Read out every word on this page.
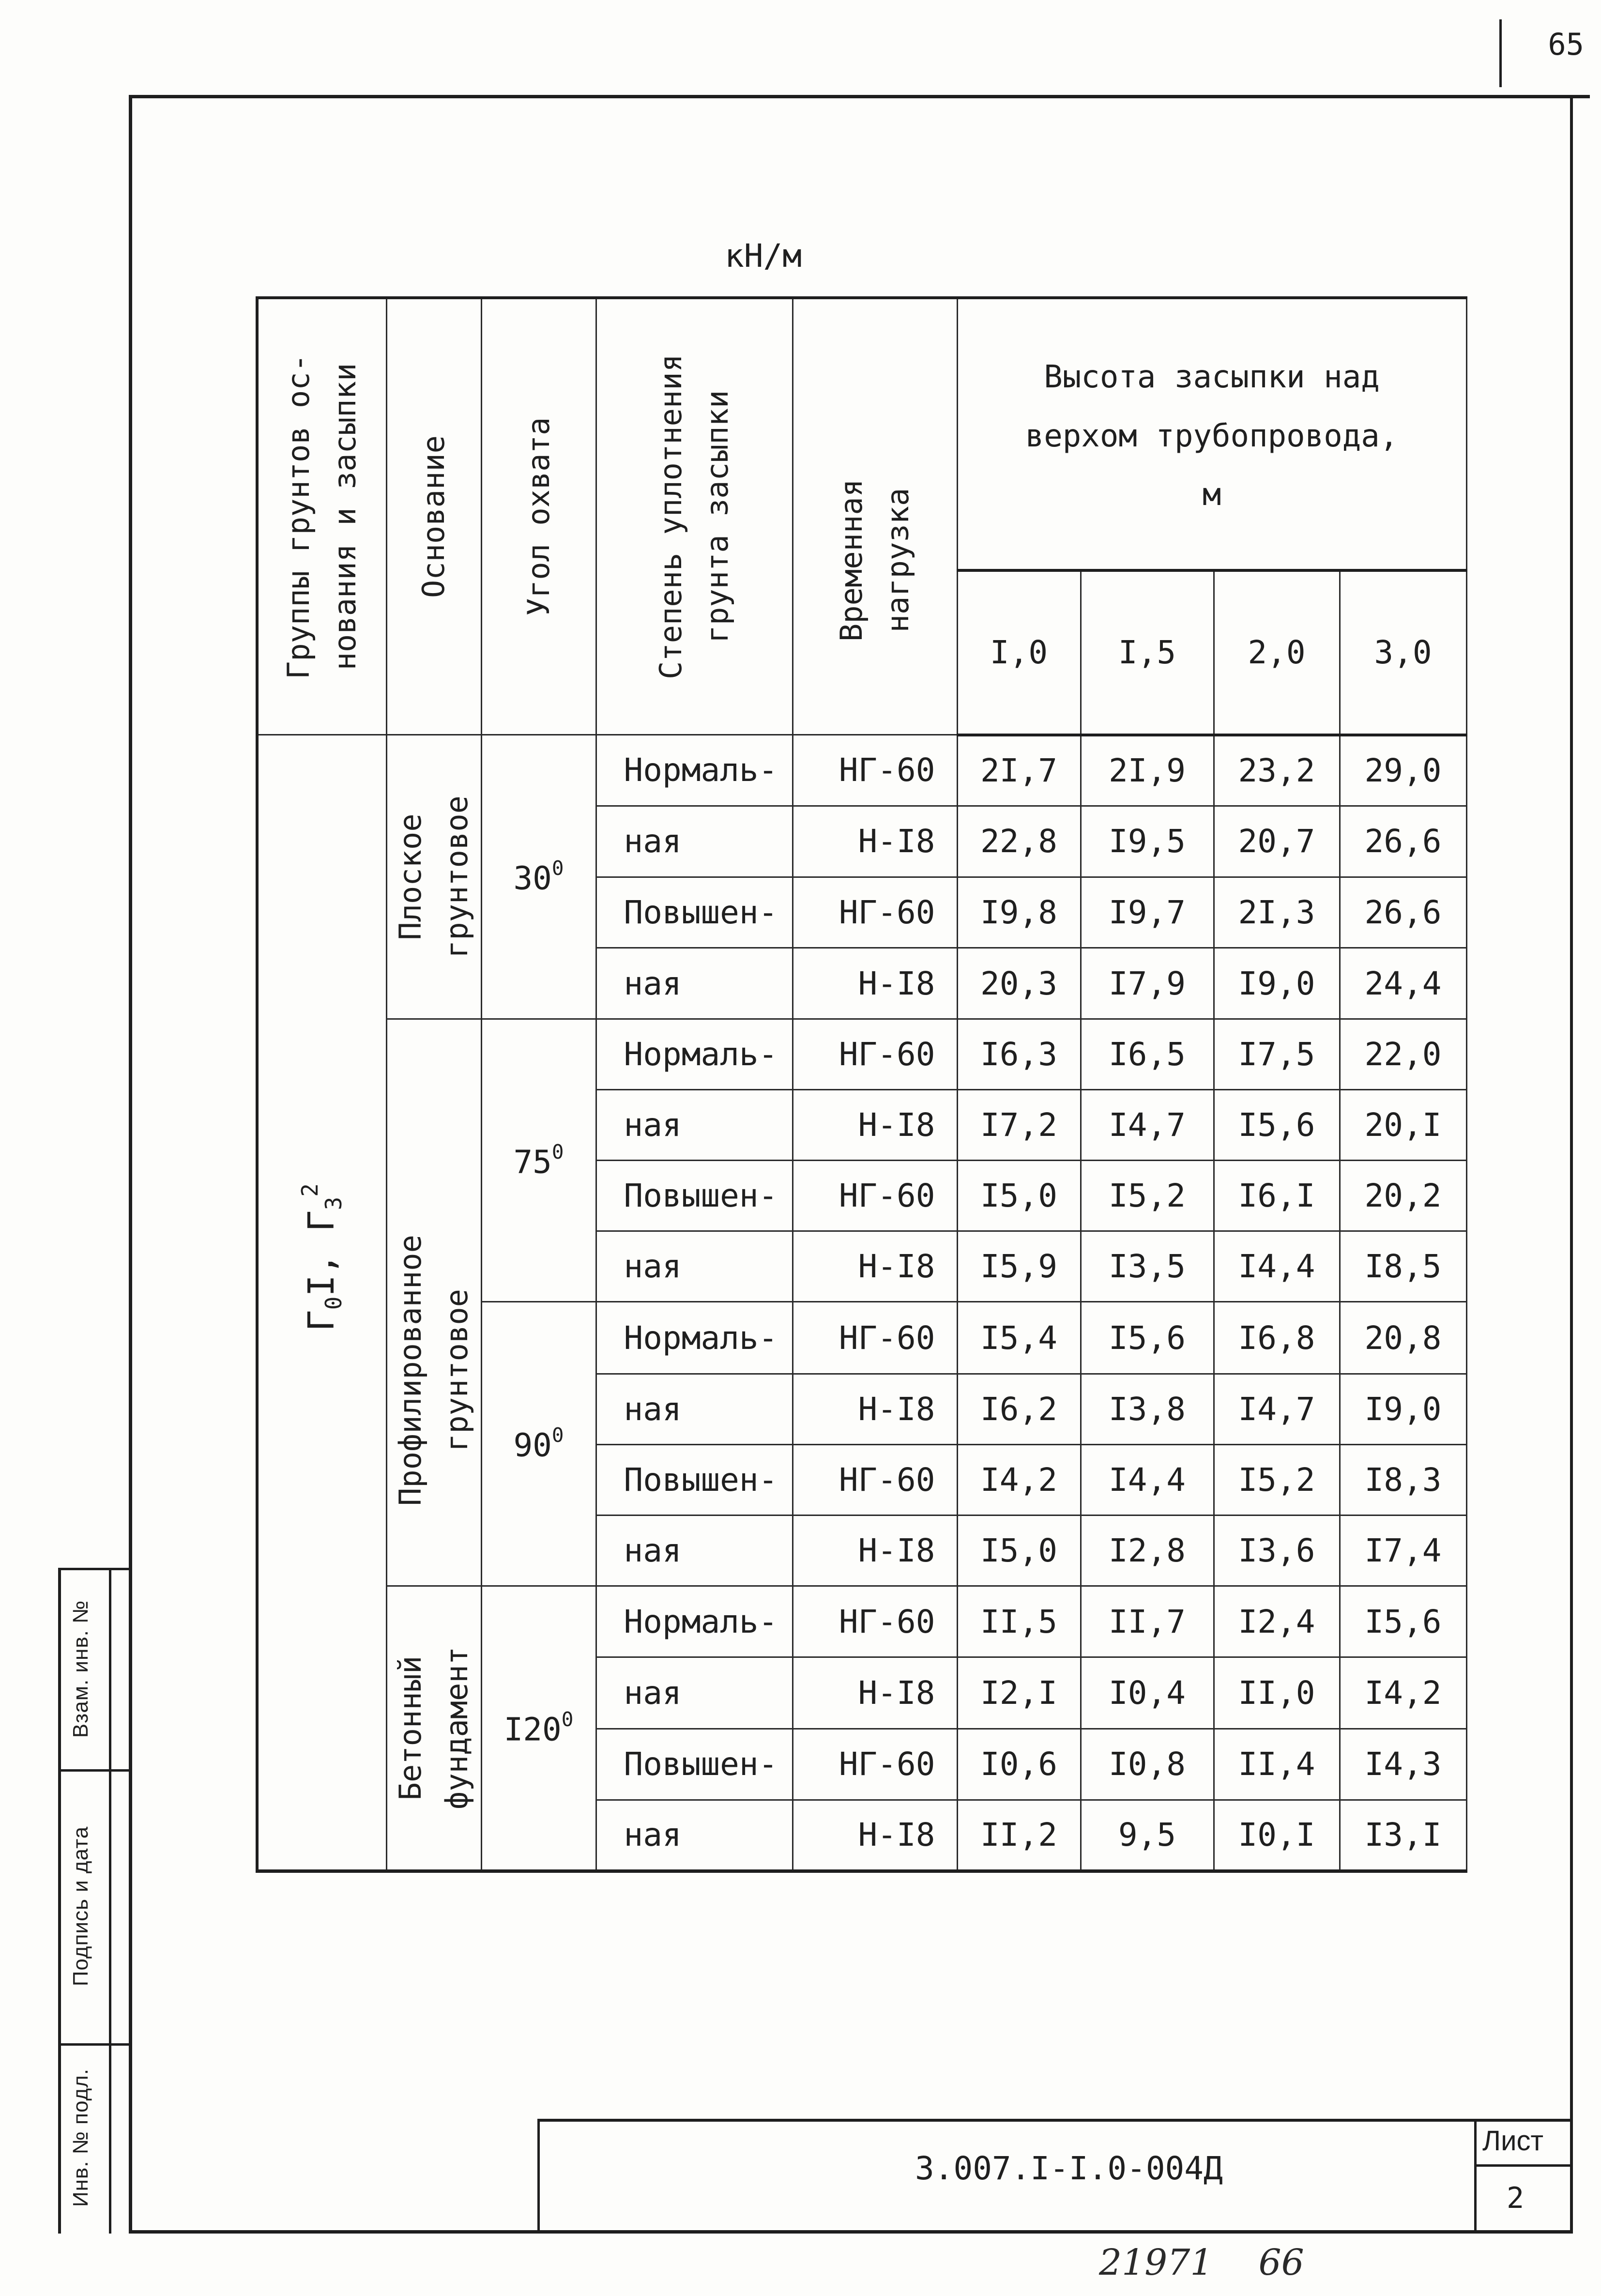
65
кН/м
Группы грунтов ос- нования и засыпки	Основание	Угол охвата	Степень уплотнения грунта засыпки	Временная нагрузка	Высота засыпки над
верхом трубопровода,
м			

					I,0	I,5	2,0	3,0

$Г_0I$, $Г_3^2$	Плоское грунтовое	$30^0$	Нормаль-	НГ-60	2I,7	2I,9	23,2	29,0
			ная	Н-I8	22,8	I9,5	20,7	26,6
			Повышен-	НГ-60	I9,8	I9,7	2I,3	26,6
			ная	Н-I8	20,3	I7,9	I9,0	24,4

	Профилированное грунтовое	$75^0$	Нормаль-	НГ-60	I6,3	I6,5	I7,5	22,0
			ная	Н-I8	I7,2	I4,7	I5,6	20,I
			Повышен-	НГ-60	I5,0	I5,2	I6,I	20,2
			ная	Н-I8	I5,9	I3,5	I4,4	I8,5
		$90^0$	Нормаль-	НГ-60	I5,4	I5,6	I6,8	20,8
			ная	Н-I8	I6,2	I3,8	I4,7	I9,0
			Повышен-	НГ-60	I4,2	I4,4	I5,2	I8,3
			ная	Н-I8	I5,0	I2,8	I3,6	I7,4

	Бетонный фундамент	$I20^0$	Нормаль-	НГ-60	II,5	II,7	I2,4	I5,6
			ная	Н-I8	I2,I	I0,4	II,0	I4,2
			Повышен-	НГ-60	I0,6	I0,8	II,4	I4,3
			ная	Н-I8	II,2	9,5	I0,I	I3,I
Взам. инв. №
Подпись и дата
Инв. № подл.	3.007.I-I.0-004Д
Лист
2
21971    66
